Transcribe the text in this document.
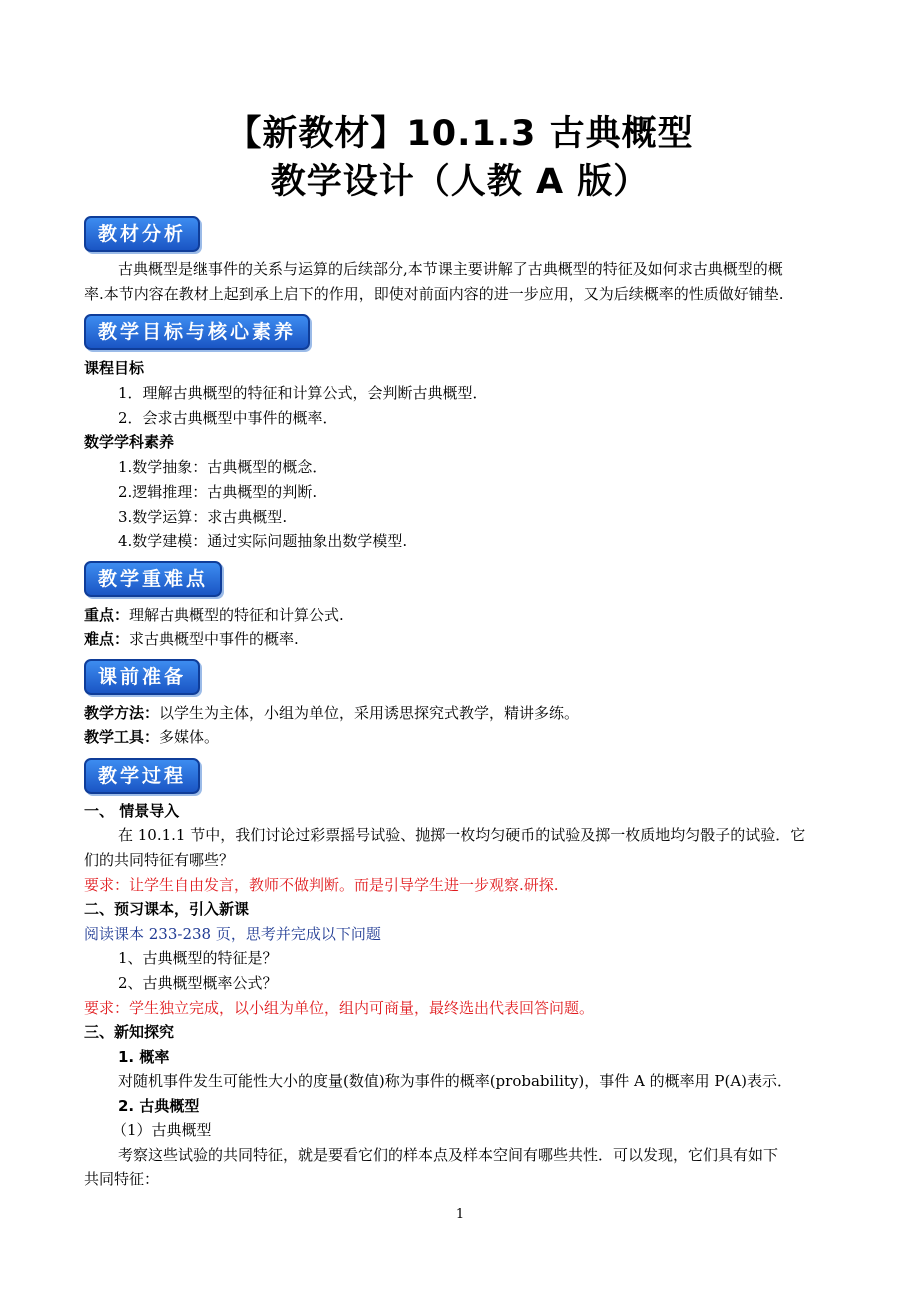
【新教材】10.1.3 古典概型
教学设计（人教 A 版）
教材分析
古典概型是继事件的关系与运算的后续部分,本节课主要讲解了古典概型的特征及如何求古典概型的概
率.本节内容在教材上起到承上启下的作用，即使对前面内容的进一步应用，又为后续概率的性质做好铺垫.
教学目标与核心素养
课程目标
1．理解古典概型的特征和计算公式，会判断古典概型．
2．会求古典概型中事件的概率．
数学学科素养
1.数学抽象：古典概型的概念．
2.逻辑推理：古典概型的判断.
3.数学运算：求古典概型.
4.数学建模：通过实际问题抽象出数学模型.
教学重难点
重点：理解古典概型的特征和计算公式.
难点：求古典概型中事件的概率.
课前准备
教学方法：以学生为主体，小组为单位，采用诱思探究式教学，精讲多练。
教学工具：多媒体。
教学过程
一、 情景导入
在 10.1.1 节中，我们讨论过彩票摇号试验、抛掷一枚均匀硬币的试验及掷一枚质地均匀骰子的试验．它
们的共同特征有哪些？
要求：让学生自由发言，教师不做判断。而是引导学生进一步观察.研探.
二、预习课本，引入新课
阅读课本 233-238 页，思考并完成以下问题
1、古典概型的特征是？
2、古典概型概率公式？
要求：学生独立完成，以小组为单位，组内可商量，最终选出代表回答问题。
三、新知探究
1. 概率
对随机事件发生可能性大小的度量(数值)称为事件的概率(probability)，事件 A 的概率用 P(A)表示．
2. 古典概型
（1）古典概型
考察这些试验的共同特征，就是要看它们的样本点及样本空间有哪些共性．可以发现，它们具有如下
共同特征：
1
